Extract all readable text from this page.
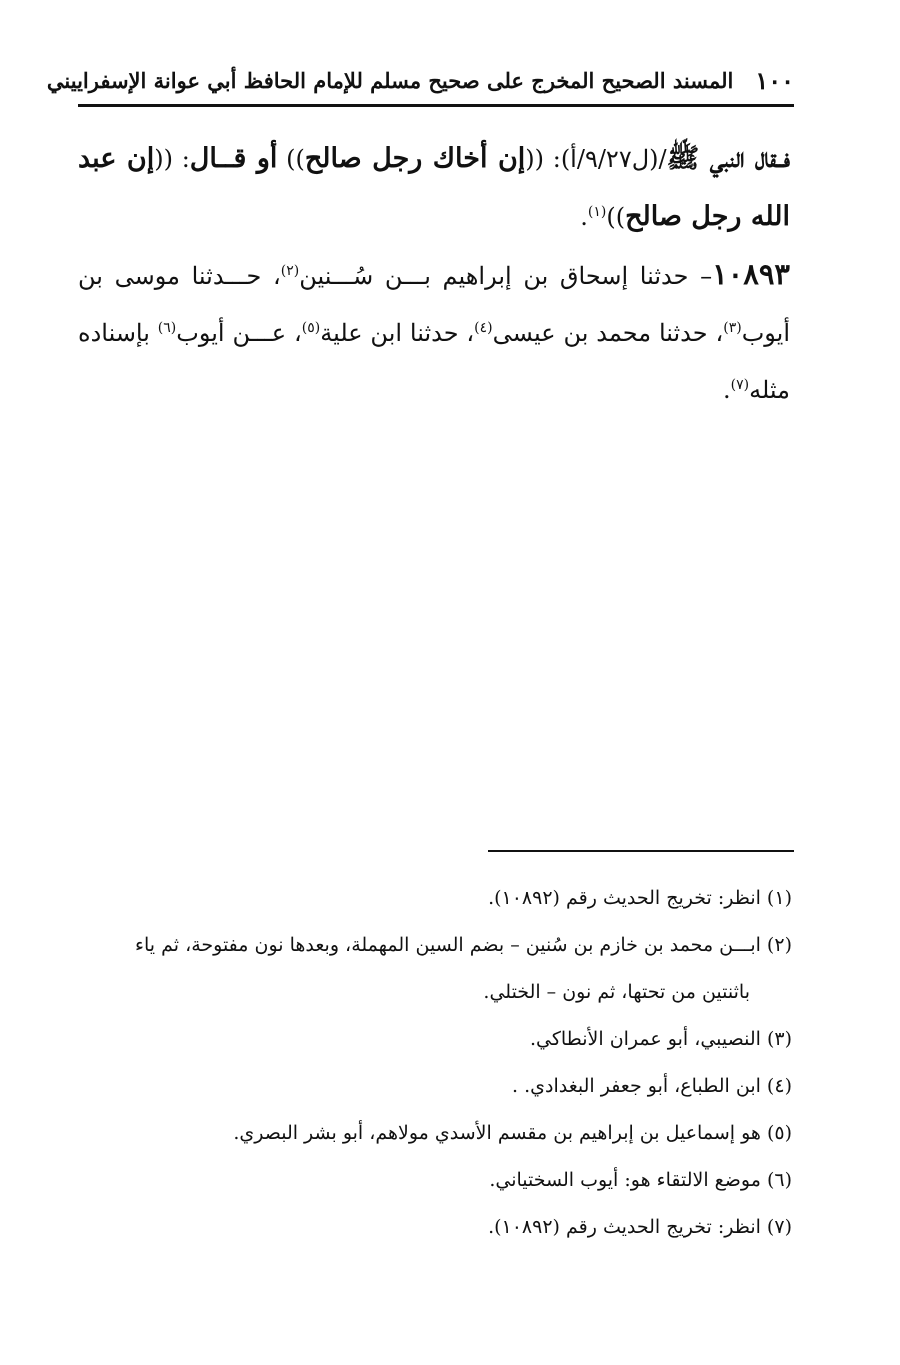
١٠٠
المسند الصحيح المخرج على صحيح مسلم للإمام الحافظ أبي عوانة الإسفراييني

فــقال النبي ﷺ/(ل٩/٢٧/أ): ((إن أخاك رجل صالح)) أو قــال: ((إن عبد الله رجل صالح))$^{(١)}$.

١٠٨٩٣– حدثنا إسحاق بن إبراهيم بـــن سُـــنين$^{(٢)}$، حـــدثنا موسى بن أيوب$^{(٣)}$، حدثنا محمد بن عيسى$^{(٤)}$، حدثنا ابن علية$^{(٥)}$، عـــن أيوب$^{(٦)}$ بإسناده مثله$^{(٧)}$.

(١) انظر: تخريج الحديث رقم (١٠٨٩٢).
(٢) ابـــن محمد بن خازم بن سُنين – بضم السين المهملة، وبعدها نون مفتوحة، ثم ياء
باثنتين من تحتها، ثم نون – الختلي.
(٣) النصيبي، أبو عمران الأنطاكي.
(٤) ابن الطباع، أبو جعفر البغدادي. .
(٥) هو إسماعيل بن إبراهيم بن مقسم الأسدي مولاهم، أبو بشر البصري.
(٦) موضع الالتقاء هو: أيوب السختياني.
(٧) انظر: تخريج الحديث رقم (١٠٨٩٢).
